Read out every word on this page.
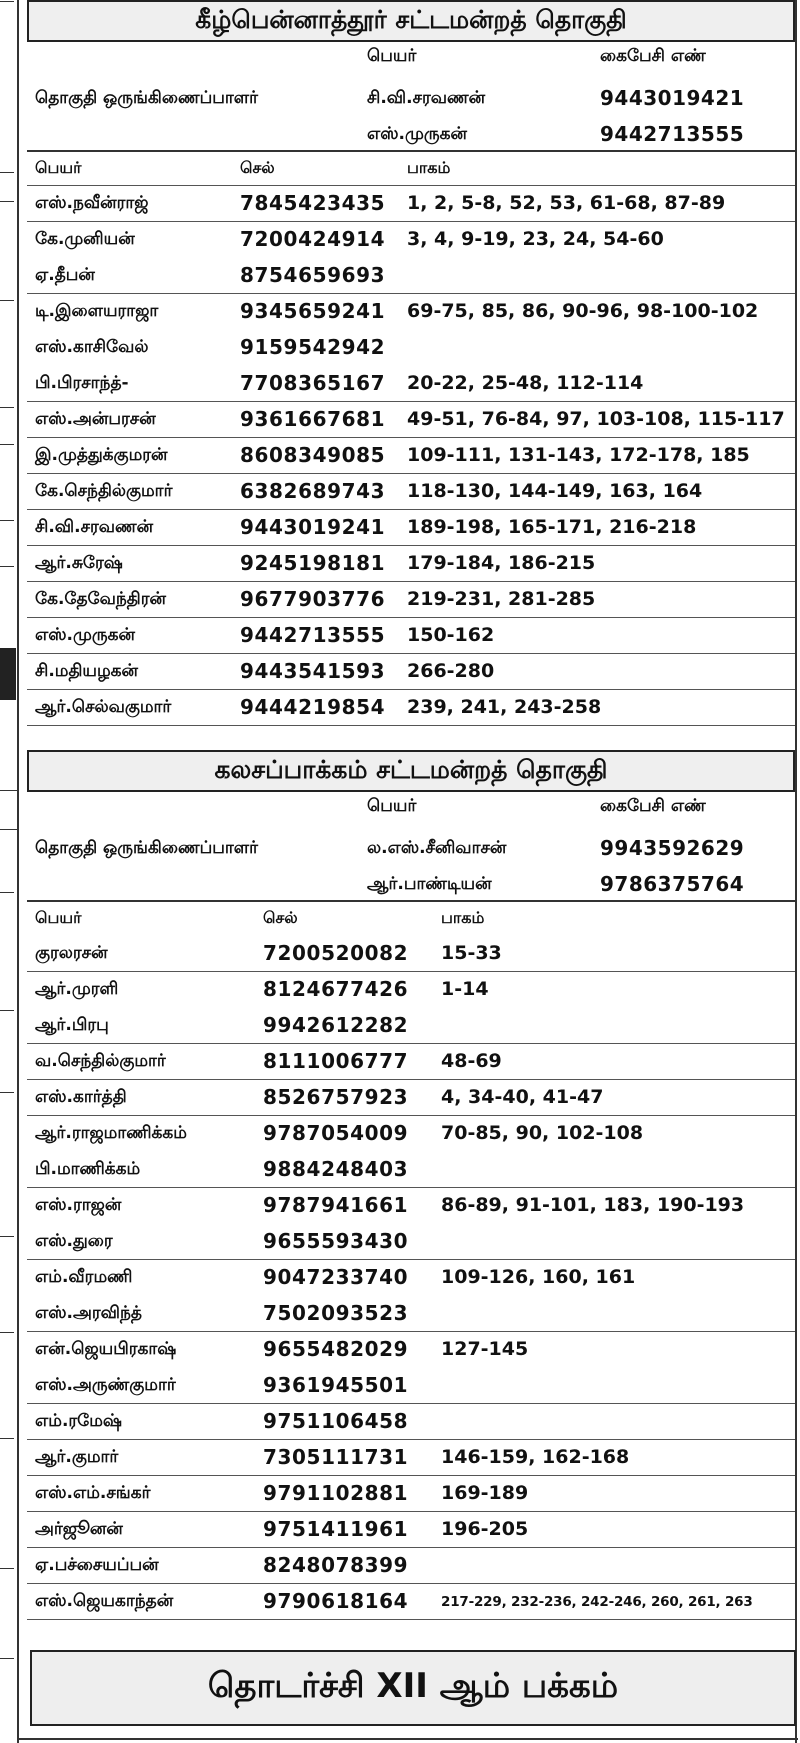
கீழ்பென்னாத்தூர் சட்டமன்றத் தொகுதி
பெயர்	கைபேசி எண்
தொகுதி ஒருங்கிணைப்பாளர்	சி.வி.சரவணன்	9443019421
எஸ்.முருகன்	9442713555
பெயர்	செல்	பாகம்
எஸ்.நவீன்ராஜ்	7845423435 1, 2, 5-8, 52, 53, 61-68, 87-89
கே.முனியன்	7200424914 3, 4, 9-19, 23, 24, 54-60
ஏ.தீபன்	8754659693
டி.இளையராஜா	9345659241 69-75, 85, 86, 90-96, 98-100-102
எஸ்.காசிவேல்	9159542942
பி.பிரசாந்த்-	7708365167 20-22, 25-48, 112-114
எஸ்.அன்பரசன்	9361667681 49-51, 76-84, 97, 103-108, 115-117
இ.முத்துக்குமரன்	8608349085 109-111, 131-143, 172-178, 185
கே.செந்தில்குமார்	6382689743 118-130, 144-149, 163, 164
சி.வி.சரவணன்	9443019241 189-198, 165-171, 216-218
ஆர்.சுரேஷ்	9245198181 179-184, 186-215
கே.தேவேந்திரன்	9677903776 219-231, 281-285
எஸ்.முருகன்	9442713555 150-162
சி.மதியழகன்	9443541593 266-280
ஆர்.செல்வகுமார்	9444219854 239, 241, 243-258
கலசப்பாக்கம் சட்டமன்றத் தொகுதி
பெயர்	கைபேசி எண்
தொகுதி ஒருங்கிணைப்பாளர்	ல.எஸ்.சீனிவாசன்	9943592629
ஆர்.பாண்டியன்	9786375764
பெயர்	செல்	பாகம்
குரலரசன்	7200520082 15-33
ஆர்.முரளி	8124677426 1-14
ஆர்.பிரபு	9942612282
வ.செந்தில்குமார்	8111006777 48-69
எஸ்.கார்த்தி	8526757923 4, 34-40, 41-47
ஆர்.ராஜமாணிக்கம்	9787054009 70-85, 90, 102-108
பி.மாணிக்கம்	9884248403
எஸ்.ராஜன்	9787941661 86-89, 91-101, 183, 190-193
எஸ்.துரை	9655593430
எம்.வீரமணி	9047233740 109-126, 160, 161
எஸ்.அரவிந்த்	7502093523
என்.ஜெயபிரகாஷ்	9655482029 127-145
எஸ்.அருண்குமார்	9361945501
எம்.ரமேஷ்	9751106458
ஆர்.குமார்	7305111731 146-159, 162-168
எஸ்.எம்.சங்கர்	9791102881 169-189
அர்ஜூனன்	9751411961 196-205
ஏ.பச்சையப்பன்	8248078399
எஸ்.ஜெயகாந்தன்	9790618164 217-229, 232-236, 242-246, 260, 261, 263
தொடர்ச்சி XII ஆம் பக்கம்
